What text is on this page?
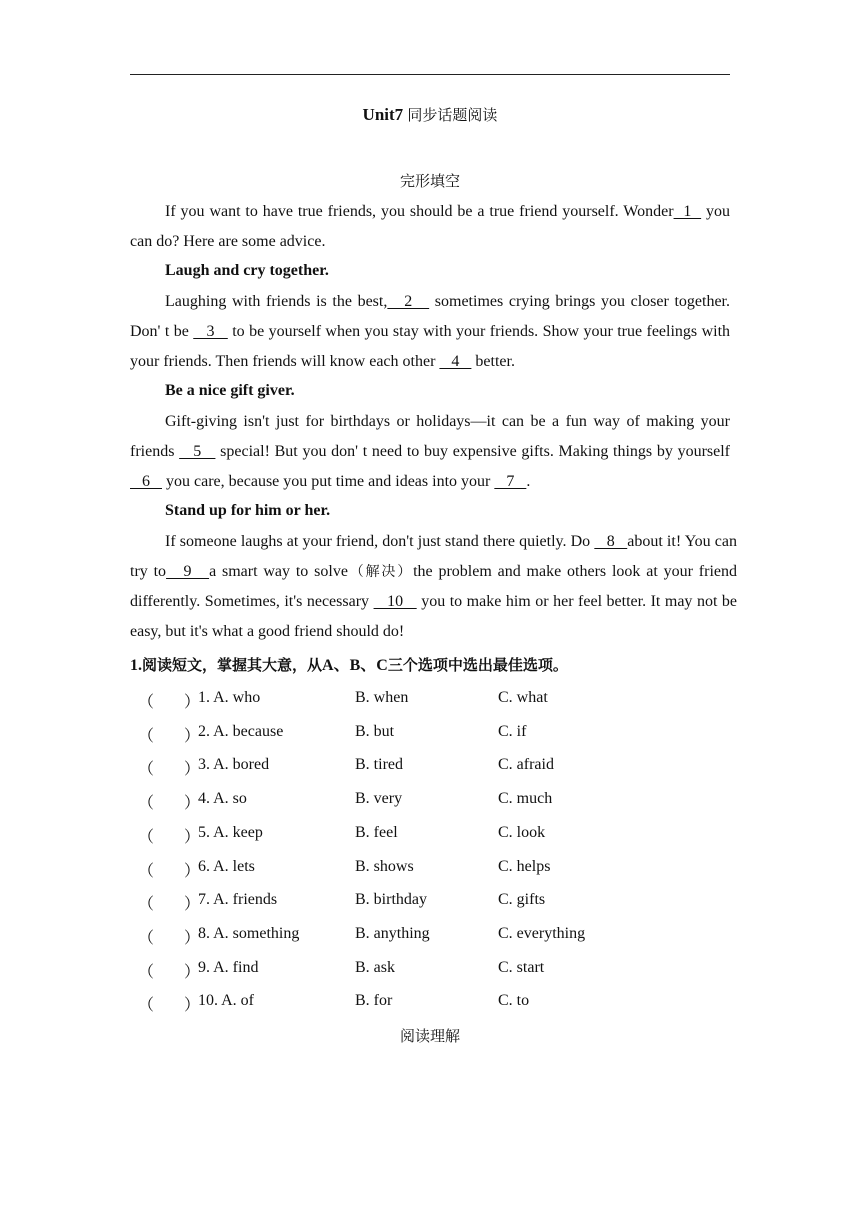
Unit7 同步话题阅读
完形填空

If you want to have true friends, you should be a true friend yourself. Wonder  1   you can do? Here are some advice.

Laugh and cry together.

Laughing with friends is the best,   2    sometimes crying brings you closer together. Don' t be    3    to be yourself when you stay with your friends. Show your true feelings with your friends. Then friends will know each other    4    better.

Be a nice gift giver.

Gift-giving isn't just for birthdays or holidays—it can be a fun way of making your friends    5    special! But you don' t need to buy expensive gifts. Making things by yourself    6    you care, because you put time and ideas into your    7   .

Stand up for him or her.

If someone laughs at your friend, don't just stand there quietly. Do    8   about it! You can try to   9   a smart way to solve（解决）the problem and make others look at your friend differently. Sometimes, it's necessary    10    you to make him or her feel better. It may not be easy, but it's what a good friend should do!

1.阅读短文，掌握其大意，从A、B、C三个选项中选出最佳选项。
（ ）
1. A. who	B. when	C. what
（ ）
2. A. because	B. but	C. if
（ ）
3. A. bored	B. tired	C. afraid
（ ）
4. A. so	B. very	C. much
（ ）
5. A. keep	B. feel	C. look
（ ）
6. A. lets	B. shows	C. helps
（ ）
7. A. friends	B. birthday	C. gifts
（ ）
8. A. something	B. anything	C. everything
（ ）
9. A. find	B. ask	C. start
（ ）
10. A. of	B. for	C. to
阅读理解
